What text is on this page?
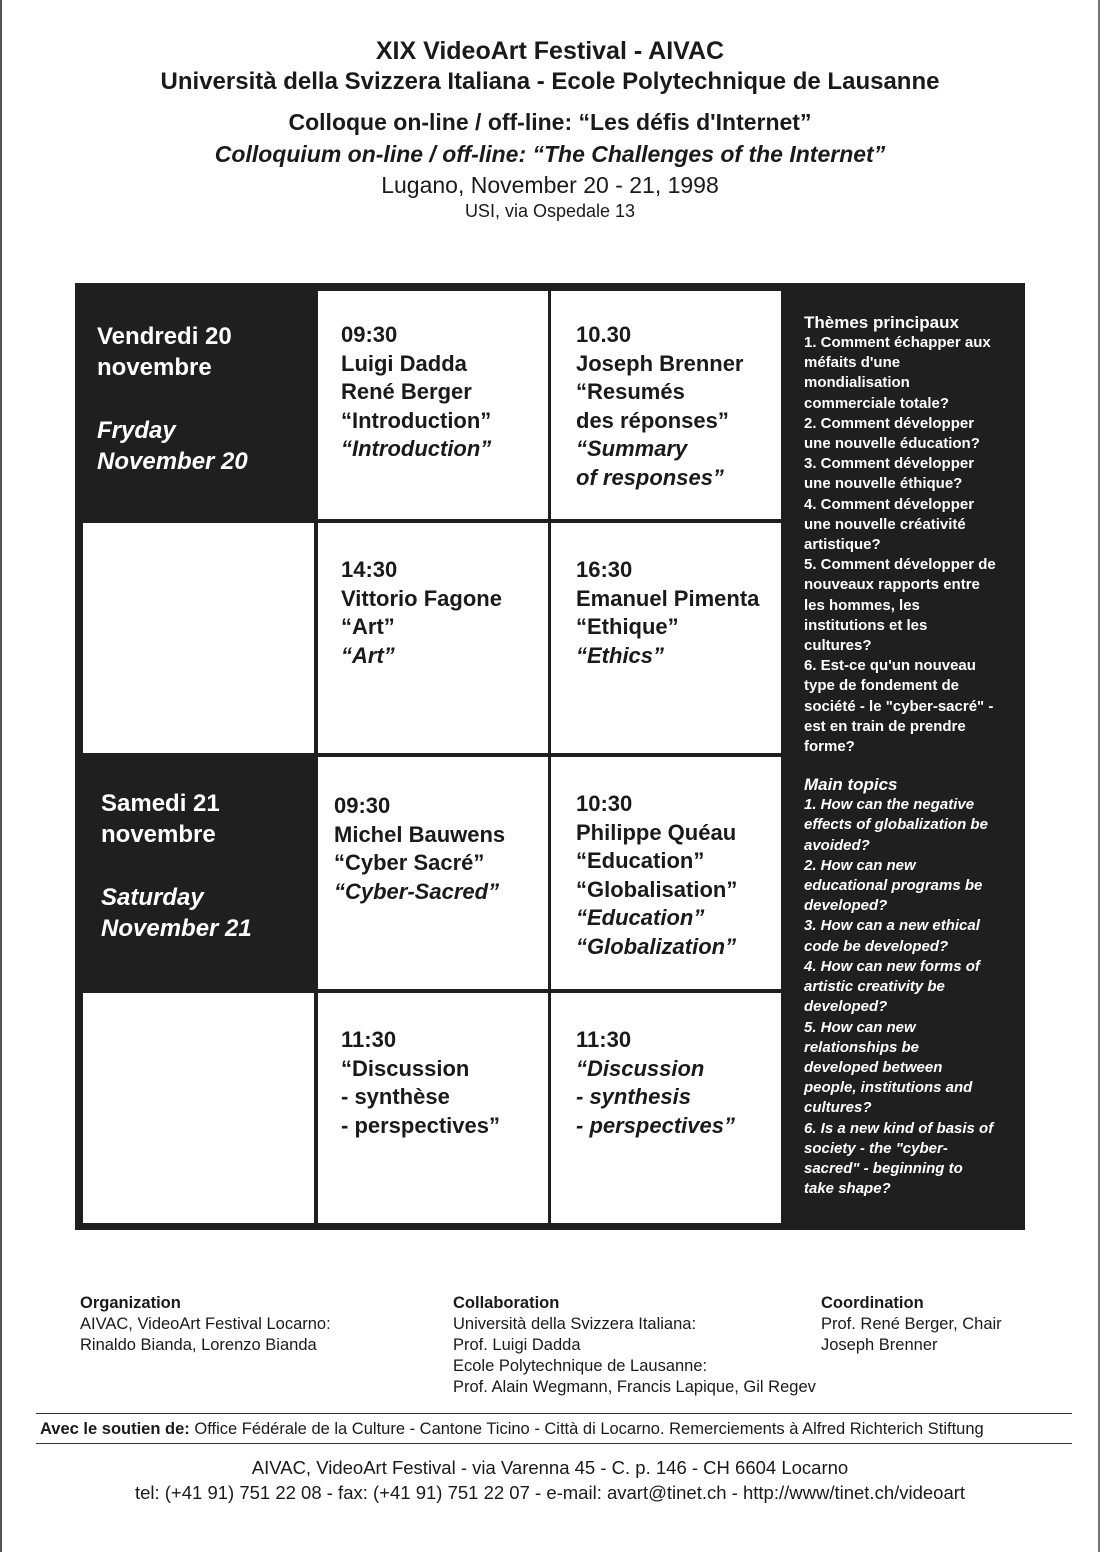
XIX VideoArt Festival - AIVAC
Università della Svizzera Italiana - Ecole Polytechnique de Lausanne
Colloque on-line / off-line: “Les défis d'Internet”
Colloquium on-line / off-line: “The Challenges of the Internet”
Lugano, November 20 - 21, 1998
USI, via Ospedale 13
Vendredi 20
novembre
Fryday
November 20
Samedi 21
novembre
Saturday
November 21
09:30
Luigi Dadda
René Berger
“Introduction”
“Introduction”
10.30
Joseph Brenner
“Resumés
des réponses”
“Summary
of responses”
14:30
Vittorio Fagone
“Art”
“Art”
16:30
Emanuel Pimenta
“Ethique”
“Ethics”
09:30
Michel Bauwens
“Cyber Sacré”
“Cyber-Sacred”
10:30
Philippe Quéau
“Education”
“Globalisation”
“Education”
“Globalization”
11:30
“Discussion
- synthèse
- perspectives”
11:30
“Discussion
- synthesis
- perspectives”
Thèmes principaux
1. Comment échapper aux
méfaits d'une
mondialisation
commerciale totale?
2. Comment développer
une nouvelle éducation?
3. Comment développer
une nouvelle éthique?
4. Comment développer
une nouvelle créativité
artistique?
5. Comment développer de
nouveaux rapports entre
les hommes, les
institutions et les
cultures?
6. Est-ce qu'un nouveau
type de fondement de
société - le "cyber-sacré" -
est en train de prendre
forme?
Main topics
1. How can the negative
effects of globalization be
avoided?
2. How can new
educational programs be
developed?
3. How can a new ethical
code be developed?
4. How can new forms of
artistic creativity be
developed?
5. How can new
relationships be
developed between
people, institutions and
cultures?
6. Is a new kind of basis of
society - the "cyber-
sacred" - beginning to
take shape?
Organization
AIVAC, VideoArt Festival Locarno:
Rinaldo Bianda, Lorenzo Bianda
Collaboration
Università della Svizzera Italiana:
Prof. Luigi Dadda
Ecole Polytechnique de Lausanne:
Prof. Alain Wegmann, Francis Lapique, Gil Regev
Coordination
Prof. René Berger, Chair
Joseph Brenner
Avec le soutien de: Office Fédérale de la Culture - Cantone Ticino - Città di Locarno. Remerciements à Alfred Richterich Stiftung
AIVAC, VideoArt Festival - via Varenna 45 - C. p. 146 - CH 6604 Locarno
tel: (+41 91) 751 22 08 - fax: (+41 91) 751 22 07 - e-mail: avart@tinet.ch - http://www/tinet.ch/videoart
